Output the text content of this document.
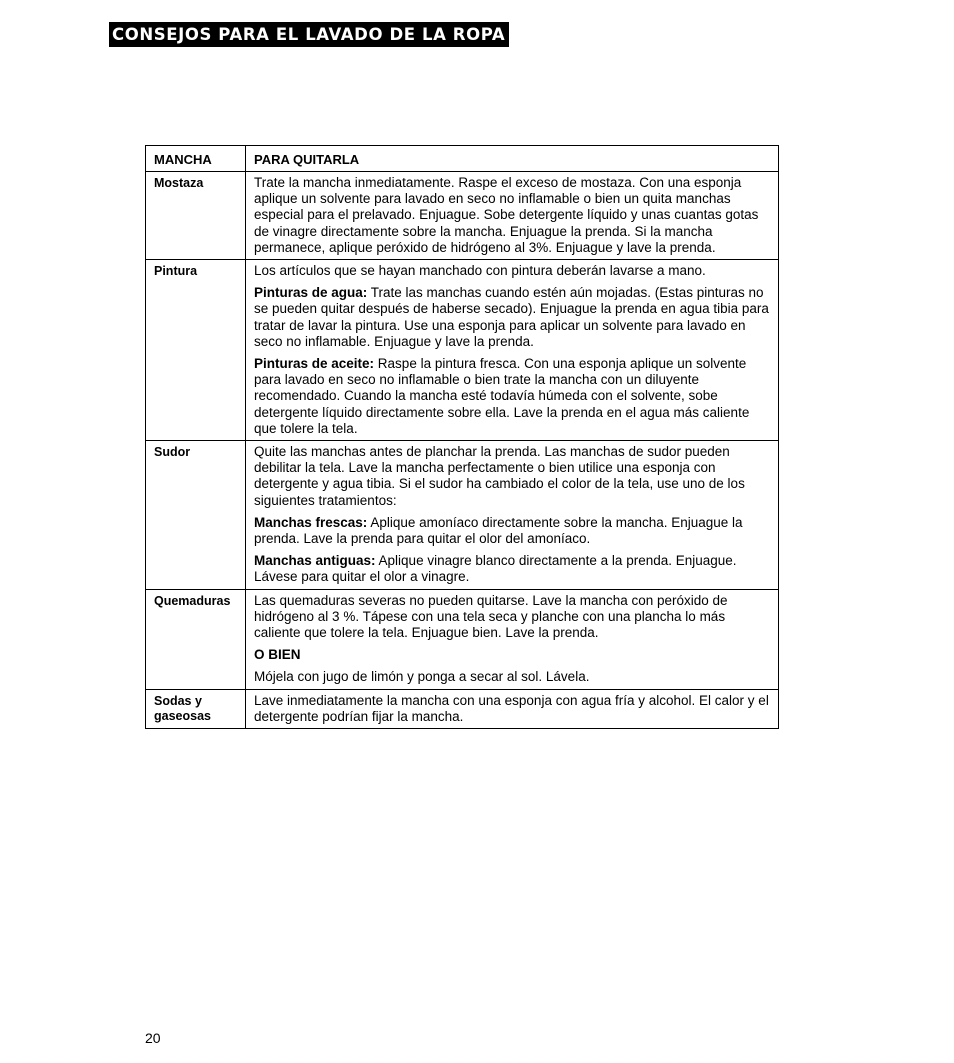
CONSEJOS PARA EL LAVADO DE LA ROPA
MANCHA	PARA QUITARLA
Mostaza	Trate la mancha inmediatamente. Raspe el exceso de mostaza. Con una esponja aplique un solvente para lavado en seco no inflamable o bien un quita manchas especial para el prelavado. Enjuague. Sobe detergente líquido y unas cuantas gotas de vinagre directamente sobre la mancha. Enjuague la prenda. Si la mancha permanece, aplique peróxido de hidrógeno al 3%. Enjuague y lave la prenda.

Pintura	Los artículos que se hayan manchado con pintura deberán lavarse a mano.

Pinturas de agua: Trate las manchas cuando estén aún mojadas. (Estas pinturas no se pueden quitar después de haberse secado). Enjuague la prenda en agua tibia para tratar de lavar la pintura. Use una esponja para aplicar un solvente para lavado en seco no inflamable. Enjuague y lave la prenda.

Pinturas de aceite: Raspe la pintura fresca. Con una esponja aplique un solvente para lavado en seco no inflamable o bien trate la mancha con un diluyente recomendado. Cuando la mancha esté todavía húmeda con el solvente, sobe detergente líquido directamente sobre ella. Lave la prenda en el agua más caliente que tolere la tela.

Sudor	Quite las manchas antes de planchar la prenda. Las manchas de sudor pueden debilitar la tela. Lave la mancha perfectamente o bien utilice una esponja con detergente y agua tibia. Si el sudor ha cambiado el color de la tela, use uno de los siguientes tratamientos:

Manchas frescas: Aplique amoníaco directamente sobre la mancha. Enjuague la prenda. Lave la prenda para quitar el olor del amoníaco.

Manchas antiguas: Aplique vinagre blanco directamente a la prenda. Enjuague. Lávese para quitar el olor a vinagre.

Quemaduras	Las quemaduras severas no pueden quitarse. Lave la mancha con peróxido de hidrógeno al 3 %. Tápese con una tela seca y planche con una plancha lo más caliente que tolere la tela. Enjuague bien. Lave la prenda.

O BIEN

Mójela con jugo de limón y ponga a secar al sol. Lávela.

Sodas y gaseosas	Lave inmediatamente la mancha con una esponja con agua fría y alcohol. El calor y el detergente podrían fijar la mancha.

20
